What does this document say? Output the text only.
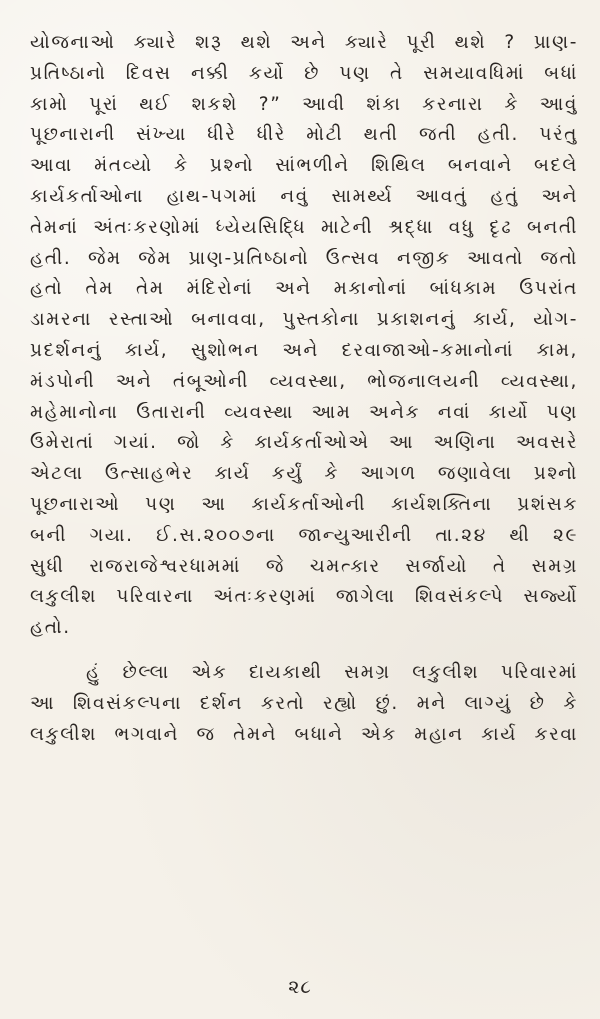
યોજનાઓ ક્યારે શરૂ થશે અને ક્યારે પૂરી થશે ? પ્રાણ-
પ્રતિષ્ઠાનો દિવસ નક્કી કર્યો છે પણ તે સમયાવધિમાં બધાં
કામો પૂરાં થઈ શકશે ?” આવી શંકા કરનારા કે આવું
પૂછનારાની સંખ્યા ધીરે ધીરે મોટી થતી જતી હતી. પરંતુ
આવા મંતવ્યો કે પ્રશ્નો સાંભળીને શિથિલ બનવાને બદલે
કાર્યકર્તાઓના હાથ-પગમાં નવું સામર્થ્ય આવતું હતું અને
તેમનાં અંતઃકરણોમાં ધ્યેયસિદ્ધિ માટેની શ્રદ્ધા વધુ દૃઢ બનતી
હતી. જેમ જેમ પ્રાણ-પ્રતિષ્ઠાનો ઉત્સવ નજીક આવતો જતો
હતો તેમ તેમ મંદિરોનાં અને મકાનોનાં બાંધકામ ઉપરાંત
ડામરના રસ્તાઓ બનાવવા, પુસ્તકોના પ્રકાશનનું કાર્ય, યોગ-
પ્રદર્શનનું કાર્ય, સુશોભન અને દરવાજાઓ-કમાનોનાં કામ,
મંડપોની અને તંબૂઓની વ્યવસ્થા, ભોજનાલયની વ્યવસ્થા,
મહેમાનોના ઉતારાની વ્યવસ્થા આમ અનેક નવાં કાર્યો પણ
ઉમેરાતાં ગયાં. જો કે કાર્યકર્તાઓએ આ અણિના અવસરે
એટલા ઉત્સાહભેર કાર્ય કર્યું કે આગળ જણાવેલા પ્રશ્નો
પૂછનારાઓ પણ આ કાર્યકર્તાઓની કાર્યશક્તિના પ્રશંસક
બની ગયા. ઈ.સ.૨૦૦૭ના જાન્યુઆરીની તા.૨૪ થી ૨૯
સુધી રાજરાજેશ્વરધામમાં જે ચમત્કાર સર્જાયો તે સમગ્ર
લકુલીશ પરિવારના અંતઃકરણમાં જાગેલા શિવસંકલ્પે સર્જ્યો
હતો.
હું છેલ્લા એક દાયકાથી સમગ્ર લકુલીશ પરિવારમાં
આ શિવસંકલ્પના દર્શન કરતો રહ્યો છું. મને લાગ્યું છે કે
લકુલીશ ભગવાને જ તેમને બધાને એક મહાન કાર્ય કરવા
૨૮
